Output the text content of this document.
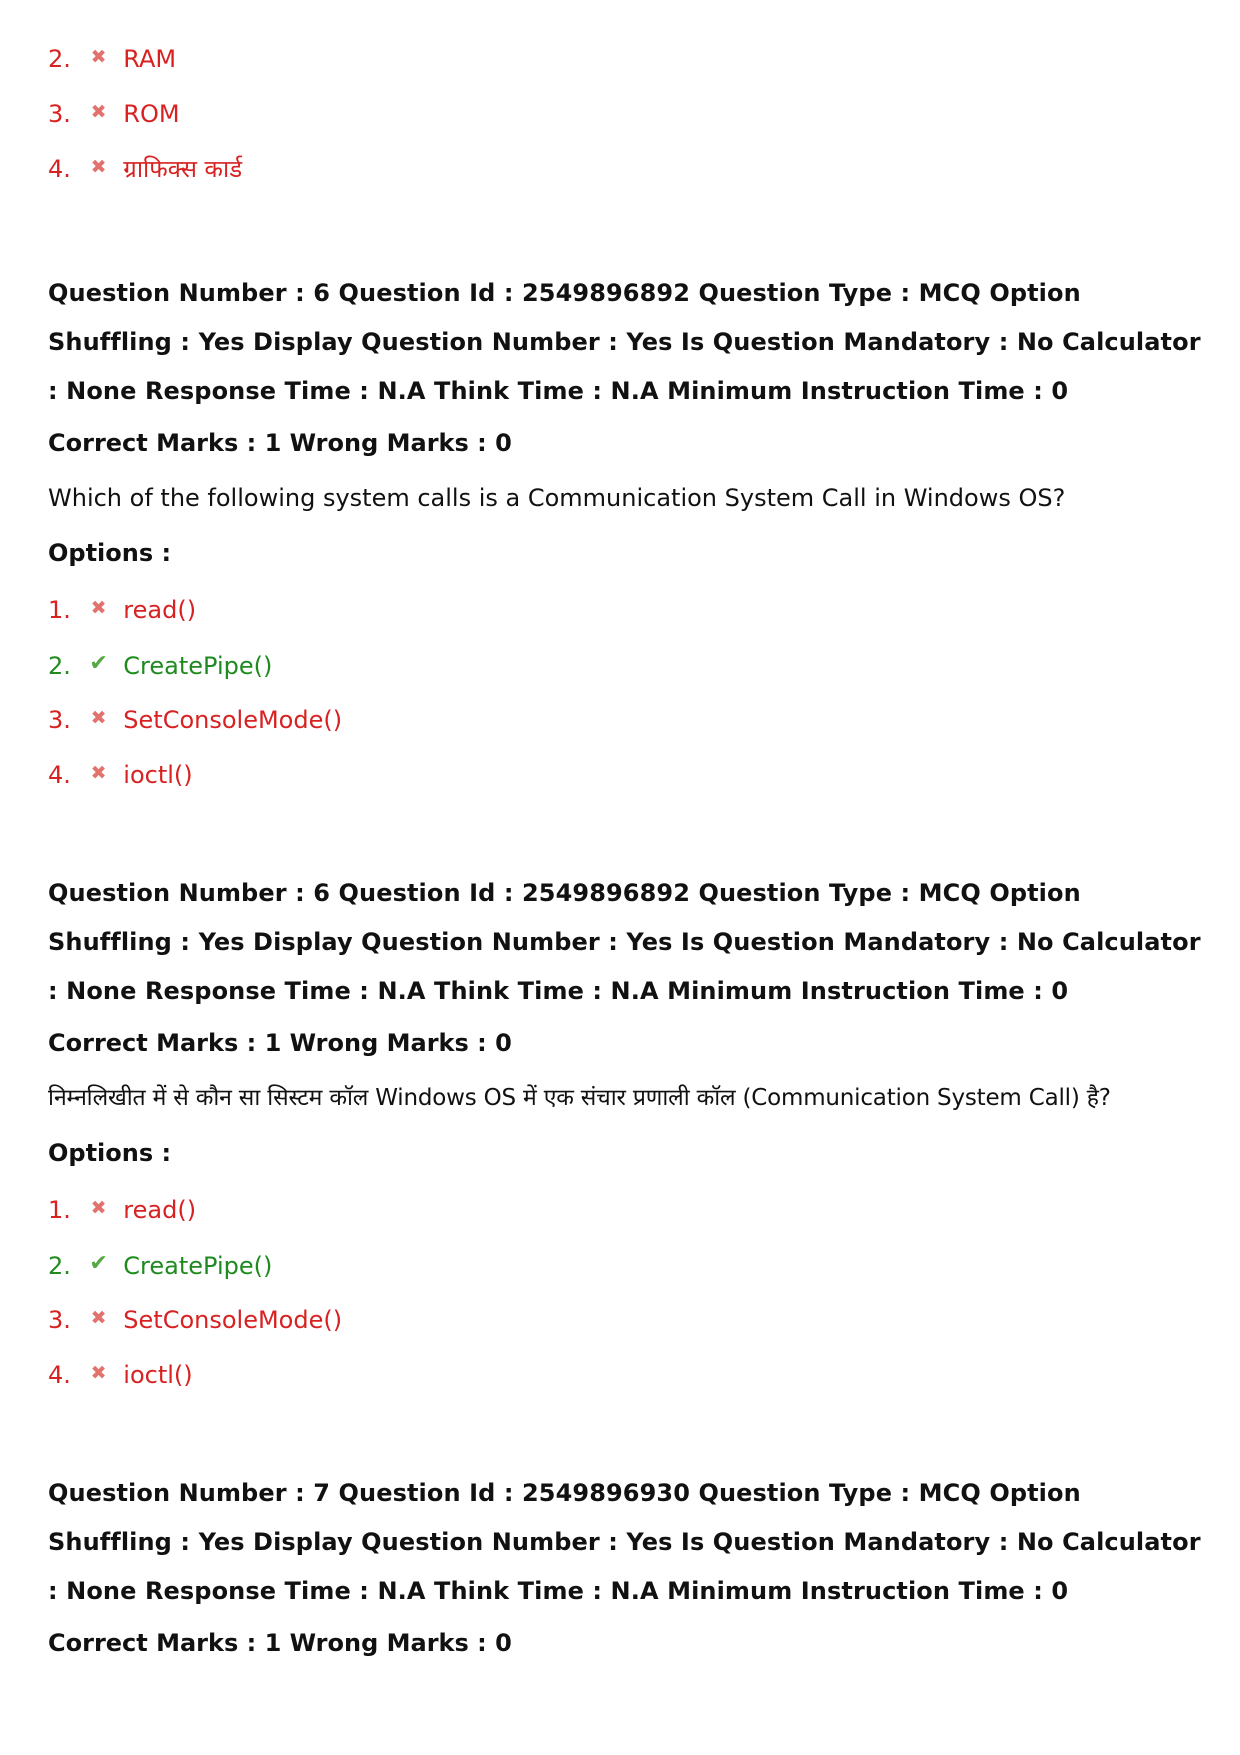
2. ✖ RAM
3. ✖ ROM
4. ✖ ग्राफिक्स कार्ड
Question Number : 6 Question Id : 2549896892 Question Type : MCQ Option Shuffling : Yes Display Question Number : Yes Is Question Mandatory : No Calculator : None Response Time : N.A Think Time : N.A Minimum Instruction Time : 0
Correct Marks : 1 Wrong Marks : 0
Which of the following system calls is a Communication System Call in Windows OS?
Options :
1. ✖ read()
2. ✔ CreatePipe()
3. ✖ SetConsoleMode()
4. ✖ ioctl()
Question Number : 6 Question Id : 2549896892 Question Type : MCQ Option Shuffling : Yes Display Question Number : Yes Is Question Mandatory : No Calculator : None Response Time : N.A Think Time : N.A Minimum Instruction Time : 0
Correct Marks : 1 Wrong Marks : 0
निम्नलिखीत में से कौन सा सिस्टम कॉल Windows OS में एक संचार प्रणाली कॉल (Communication System Call) है?
Options :
1. ✖ read()
2. ✔ CreatePipe()
3. ✖ SetConsoleMode()
4. ✖ ioctl()
Question Number : 7 Question Id : 2549896930 Question Type : MCQ Option Shuffling : Yes Display Question Number : Yes Is Question Mandatory : No Calculator : None Response Time : N.A Think Time : N.A Minimum Instruction Time : 0
Correct Marks : 1 Wrong Marks : 0
